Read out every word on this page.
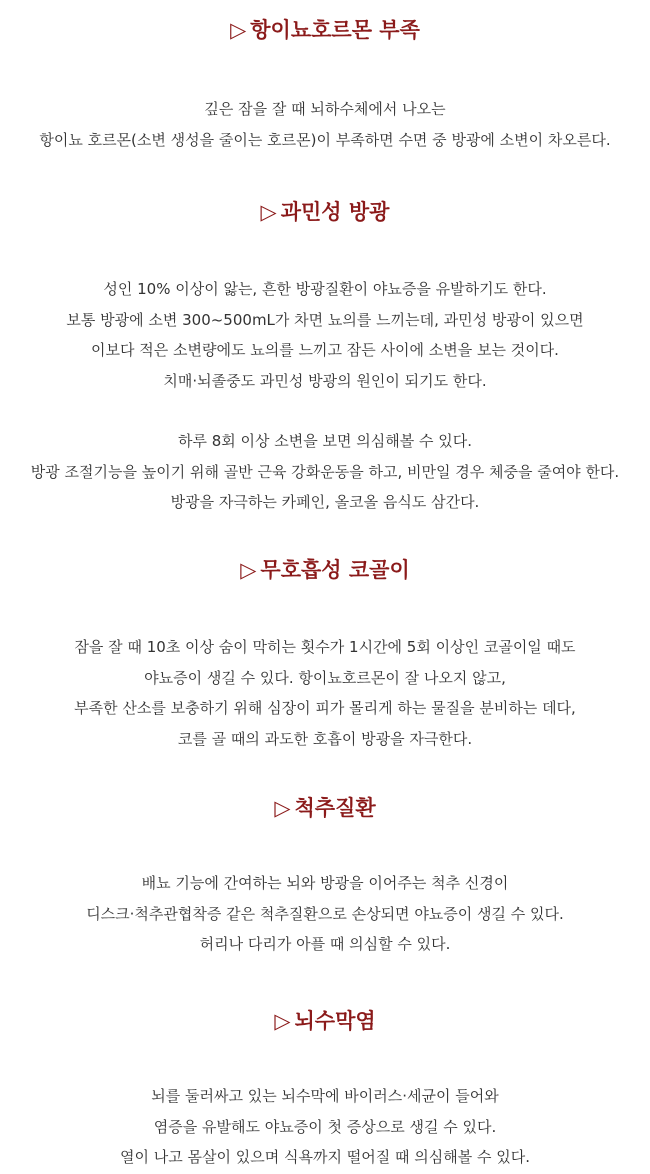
▷ 항이뇨호르몬 부족

깊은 잠을 잘 때 뇌하수체에서 나오는
항이뇨 호르몬(소변 생성을 줄이는 호르몬)이 부족하면 수면 중 방광에 소변이 차오른다.

▷ 과민성 방광

성인 10% 이상이 앓는, 흔한 방광질환이 야뇨증을 유발하기도 한다.
보통 방광에 소변 300~500mL가 차면 뇨의를 느끼는데, 과민성 방광이 있으면
이보다 적은 소변량에도 뇨의를 느끼고 잠든 사이에 소변을 보는 것이다.
치매·뇌졸중도 과민성 방광의 원인이 되기도 한다.

하루 8회 이상 소변을 보면 의심해볼 수 있다.
방광 조절기능을 높이기 위해 골반 근육 강화운동을 하고, 비만일 경우 체중을 줄여야 한다.
방광을 자극하는 카페인, 올코올 음식도 삼간다.

▷ 무호흡성 코골이

잠을 잘 때 10초 이상 숨이 막히는 횟수가 1시간에 5회 이상인 코골이일 때도
야뇨증이 생길 수 있다. 항이뇨호르몬이 잘 나오지 않고,
부족한 산소를 보충하기 위해 심장이 피가 몰리게 하는 물질을 분비하는 데다,
코를 골 때의 과도한 호흡이 방광을 자극한다.

▷ 척추질환

배뇨 기능에 간여하는 뇌와 방광을 이어주는 척추 신경이
디스크·척추관협착증 같은 척추질환으로 손상되면 야뇨증이 생길 수 있다.
허리나 다리가 아플 때 의심할 수 있다.

▷ 뇌수막염

뇌를 둘러싸고 있는 뇌수막에 바이러스·세균이 들어와
염증을 유발해도 야뇨증이 첫 증상으로 생길 수 있다.
열이 나고 몸살이 있으며 식욕까지 떨어질 때 의심해볼 수 있다.
